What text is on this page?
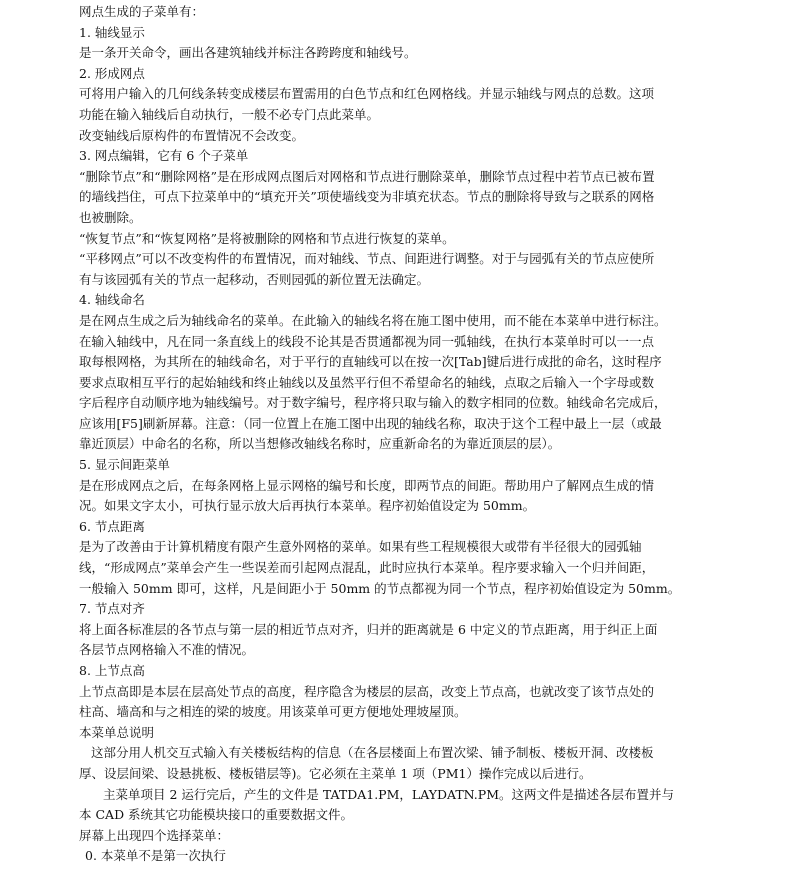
网点生成的子菜单有：
1. 轴线显示
是一条开关命令，画出各建筑轴线并标注各跨跨度和轴线号。
2. 形成网点
可将用户输入的几何线条转变成楼层布置需用的白色节点和红色网格线。并显示轴线与网点的总数。这项
功能在输入轴线后自动执行，一般不必专门点此菜单。
改变轴线后原构件的布置情况不会改变。
3. 网点编辑，它有 6 个子菜单
“删除节点”和“删除网格”是在形成网点图后对网格和节点进行删除菜单，删除节点过程中若节点已被布置
的墙线挡住，可点下拉菜单中的“填充开关”项使墙线变为非填充状态。节点的删除将导致与之联系的网格
也被删除。
“恢复节点”和“恢复网格”是将被删除的网格和节点进行恢复的菜单。
“平移网点”可以不改变构件的布置情况，而对轴线、节点、间距进行调整。对于与园弧有关的节点应使所
有与该园弧有关的节点一起移动，否则园弧的新位置无法确定。
4. 轴线命名
是在网点生成之后为轴线命名的菜单。在此输入的轴线名将在施工图中使用，而不能在本菜单中进行标注。
在输入轴线中，凡在同一条直线上的线段不论其是否贯通都视为同一弧轴线，在执行本菜单时可以一一点
取每根网格，为其所在的轴线命名，对于平行的直轴线可以在按一次[Tab]键后进行成批的命名，这时程序
要求点取相互平行的起始轴线和终止轴线以及虽然平行但不希望命名的轴线，点取之后输入一个字母或数
字后程序自动顺序地为轴线编号。对于数字编号，程序将只取与输入的数字相同的位数。轴线命名完成后，
应该用[F5]刷新屏幕。注意：（同一位置上在施工图中出现的轴线名称，取决于这个工程中最上一层（或最
靠近顶层）中命名的名称，所以当想修改轴线名称时，应重新命名的为靠近顶层的层）。
5. 显示间距菜单
是在形成网点之后，在每条网格上显示网格的编号和长度，即两节点的间距。帮助用户了解网点生成的情
况。如果文字太小，可执行显示放大后再执行本菜单。程序初始值设定为 50mm。
6. 节点距离
是为了改善由于计算机精度有限产生意外网格的菜单。如果有些工程规模很大或带有半径很大的园弧轴
线，“形成网点”菜单会产生一些误差而引起网点混乱，此时应执行本菜单。程序要求输入一个归并间距，
一般输入 50mm 即可，这样，凡是间距小于 50mm 的节点都视为同一个节点，程序初始值设定为 50mm。
7. 节点对齐
将上面各标准层的各节点与第一层的相近节点对齐，归并的距离就是 6 中定义的节点距离，用于纠正上面
各层节点网格输入不准的情况。
8. 上节点高
上节点高即是本层在层高处节点的高度，程序隐含为楼层的层高，改变上节点高，也就改变了该节点处的
柱高、墙高和与之相连的梁的坡度。用该菜单可更方便地处理坡屋顶。
本菜单总说明
这部分用人机交互式输入有关楼板结构的信息（在各层楼面上布置次梁、铺予制板、楼板开洞、改楼板
厚、设层间梁、设悬挑板、楼板错层等)。它必须在主菜单 1 项（PM1）操作完成以后进行。
主菜单项目 2 运行完后，产生的文件是 TATDA1.PM，LAYDATN.PM。这两文件是描述各层布置并与
本 CAD 系统其它功能模块接口的重要数据文件。
屏幕上出现四个选择菜单：
0. 本菜单不是第一次执行
